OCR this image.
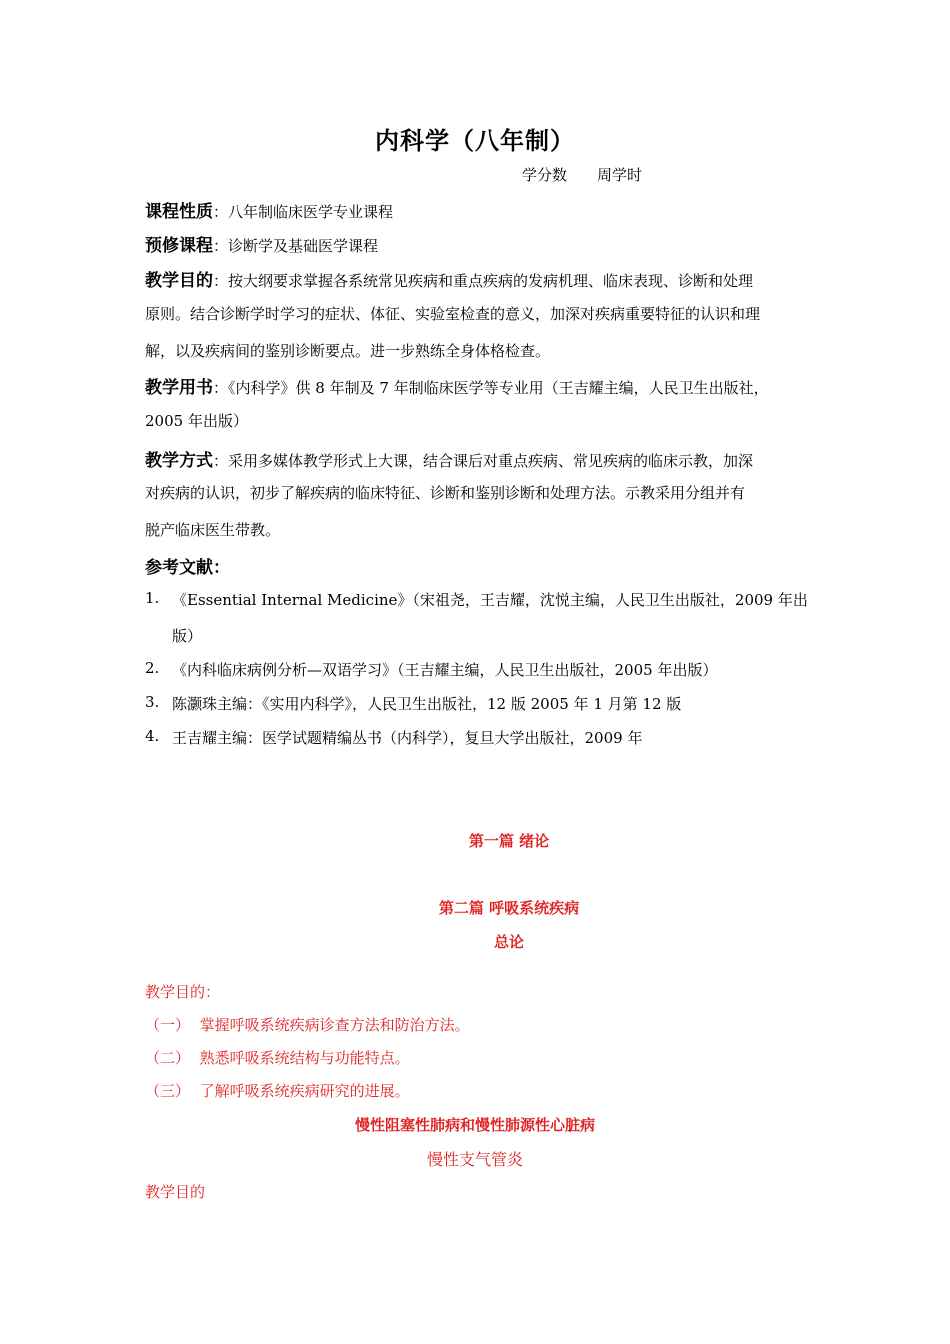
内科学（八年制）
学分数 周学时
课程性质：八年制临床医学专业课程
预修课程：诊断学及基础医学课程
教学目的：按大纲要求掌握各系统常见疾病和重点疾病的发病机理、临床表现、诊断和处理
原则。结合诊断学时学习的症状、体征、实验室检查的意义，加深对疾病重要特征的认识和理
解，以及疾病间的鉴别诊断要点。进一步熟练全身体格检查。
教学用书：《内科学》供 8 年制及 7 年制临床医学等专业用（王吉耀主编，人民卫生出版社，
2005 年出版）
教学方式：采用多媒体教学形式上大课，结合课后对重点疾病、常见疾病的临床示教，加深
对疾病的认识，初步了解疾病的临床特征、诊断和鉴别诊断和处理方法。示教采用分组并有
脱产临床医生带教。
参考文献：
1. 《Essential Internal Medicine》（宋祖尧，王吉耀，沈悦主编，人民卫生出版社，2009 年出
版）
2. 《内科临床病例分析—双语学习》（王吉耀主编，人民卫生出版社，2005 年出版）
3. 陈灏珠主编：《实用内科学》，人民卫生出版社，12 版 2005 年 1 月第 12 版
4. 王吉耀主编：医学试题精编丛书（内科学），复旦大学出版社，2009 年
第一篇 绪论
第二篇 呼吸系统疾病
总论
教学目的：
（一） 掌握呼吸系统疾病诊查方法和防治方法。
（二） 熟悉呼吸系统结构与功能特点。
（三） 了解呼吸系统疾病研究的进展。
慢性阻塞性肺病和慢性肺源性心脏病
慢性支气管炎
教学目的
